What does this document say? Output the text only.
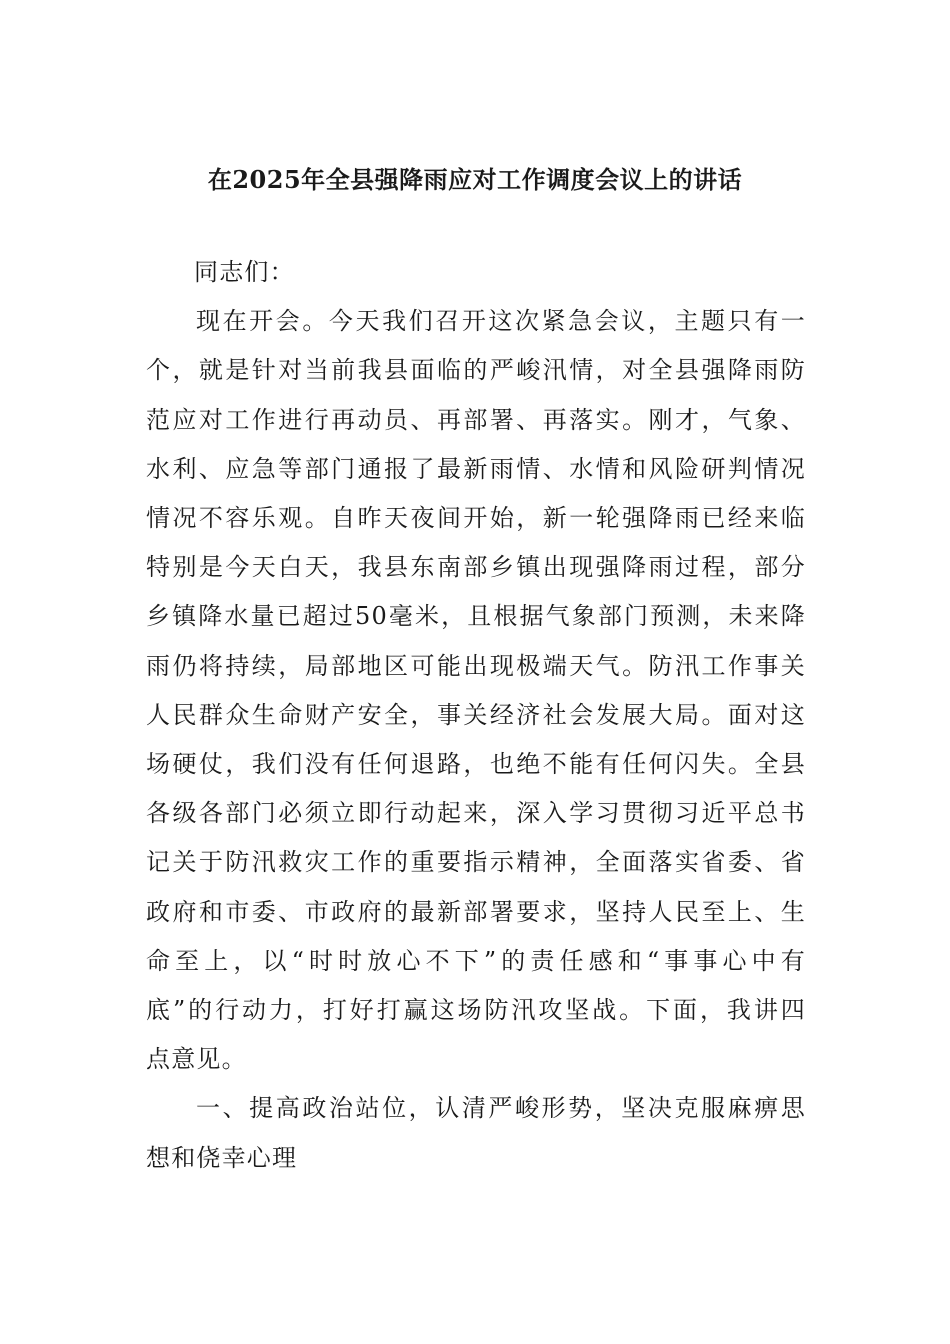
在2025年全县强降雨应对工作调度会议上的讲话

同志们：

现在开会。今天我们召开这次紧急会议，主题只有一
个，就是针对当前我县面临的严峻汛情，对全县强降雨防
范应对工作进行再动员、再部署、再落实。刚才，气象、
水利、应急等部门通报了最新雨情、水情和风险研判情况
情况不容乐观。自昨天夜间开始，新一轮强降雨已经来临
特别是今天白天，我县东南部乡镇出现强降雨过程，部分
乡镇降水量已超过50毫米，且根据气象部门预测，未来降
雨仍将持续，局部地区可能出现极端天气。防汛工作事关
人民群众生命财产安全，事关经济社会发展大局。面对这
场硬仗，我们没有任何退路，也绝不能有任何闪失。全县
各级各部门必须立即行动起来，深入学习贯彻习近平总书
记关于防汛救灾工作的重要指示精神，全面落实省委、省
政府和市委、市政府的最新部署要求，坚持人民至上、生
命至上，以“时时放心不下”的责任感和“事事心中有
底”的行动力，打好打赢这场防汛攻坚战。下面，我讲四
点意见。

一、提高政治站位，认清严峻形势，坚决克服麻痹思
想和侥幸心理
